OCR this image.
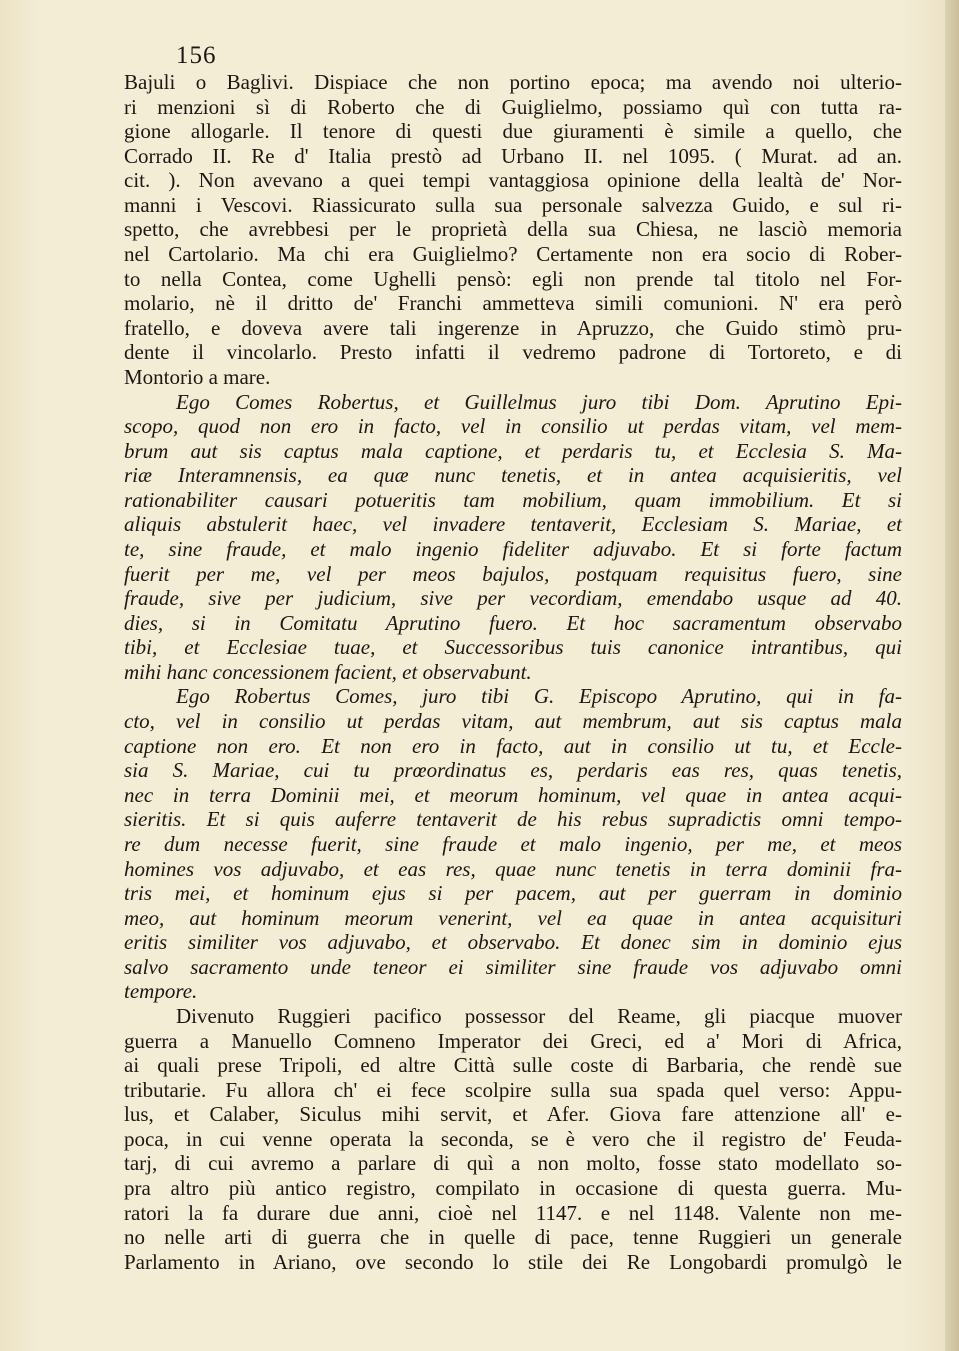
156
Bajuli o Baglivi. Dispiace che non portino epoca; ma avendo noi ulterio-
ri menzioni sì di Roberto che di Guiglielmo, possiamo quì con tutta ra-
gione allogarle. Il tenore di questi due giuramenti è simile a quello, che
Corrado II. Re d' Italia prestò ad Urbano II. nel 1095. ( Murat. ad an.
cit. ). Non avevano a quei tempi vantaggiosa opinione della lealtà de' Nor-
manni i Vescovi. Riassicurato sulla sua personale salvezza Guido, e sul ri-
spetto, che avrebbesi per le proprietà della sua Chiesa, ne lasciò memoria
nel Cartolario. Ma chi era Guiglielmo? Certamente non era socio di Rober-
to nella Contea, come Ughelli pensò: egli non prende tal titolo nel For-
molario, nè il dritto de' Franchi ammetteva simili comunioni. N' era però
fratello, e doveva avere tali ingerenze in Apruzzo, che Guido stimò pru-
dente il vincolarlo. Presto infatti il vedremo padrone di Tortoreto, e di
Montorio a mare.
Ego Comes Robertus, et Guillelmus juro tibi Dom. Aprutino Epi-
scopo, quod non ero in facto, vel in consilio ut perdas vitam, vel mem-
brum aut sis captus mala captione, et perdaris tu, et Ecclesia S. Ma-
riæ Interamnensis, ea quæ nunc tenetis, et in antea acquisieritis, vel
rationabiliter causari potueritis tam mobilium, quam immobilium. Et si
aliquis abstulerit haec, vel invadere tentaverit, Ecclesiam S. Mariae, et
te, sine fraude, et malo ingenio fideliter adjuvabo. Et si forte factum
fuerit per me, vel per meos bajulos, postquam requisitus fuero, sine
fraude, sive per judicium, sive per vecordiam, emendabo usque ad 40.
dies, si in Comitatu Aprutino fuero. Et hoc sacramentum observabo
tibi, et Ecclesiae tuae, et Successoribus tuis canonice intrantibus, qui
mihi hanc concessionem facient, et observabunt.
Ego Robertus Comes, juro tibi G. Episcopo Aprutino, qui in fa-
cto, vel in consilio ut perdas vitam, aut membrum, aut sis captus mala
captione non ero. Et non ero in facto, aut in consilio ut tu, et Eccle-
sia S. Mariae, cui tu prœordinatus es, perdaris eas res, quas tenetis,
nec in terra Dominii mei, et meorum hominum, vel quae in antea acqui-
sieritis. Et si quis auferre tentaverit de his rebus supradictis omni tempo-
re dum necesse fuerit, sine fraude et malo ingenio, per me, et meos
homines vos adjuvabo, et eas res, quae nunc tenetis in terra dominii fra-
tris mei, et hominum ejus si per pacem, aut per guerram in dominio
meo, aut hominum meorum venerint, vel ea quae in antea acquisituri
eritis similiter vos adjuvabo, et observabo. Et donec sim in dominio ejus
salvo sacramento unde teneor ei similiter sine fraude vos adjuvabo omni
tempore.
Divenuto Ruggieri pacifico possessor del Reame, gli piacque muover
guerra a Manuello Comneno Imperator dei Greci, ed a' Mori di Africa,
ai quali prese Tripoli, ed altre Città sulle coste di Barbaria, che rendè sue
tributarie. Fu allora ch' ei fece scolpire sulla sua spada quel verso: Appu-
lus, et Calaber, Siculus mihi servit, et Afer. Giova fare attenzione all' e-
poca, in cui venne operata la seconda, se è vero che il registro de' Feuda-
tarj, di cui avremo a parlare di quì a non molto, fosse stato modellato so-
pra altro più antico registro, compilato in occasione di questa guerra. Mu-
ratori la fa durare due anni, cioè nel 1147. e nel 1148. Valente non me-
no nelle arti di guerra che in quelle di pace, tenne Ruggieri un generale
Parlamento in Ariano, ove secondo lo stile dei Re Longobardi promulgò le
